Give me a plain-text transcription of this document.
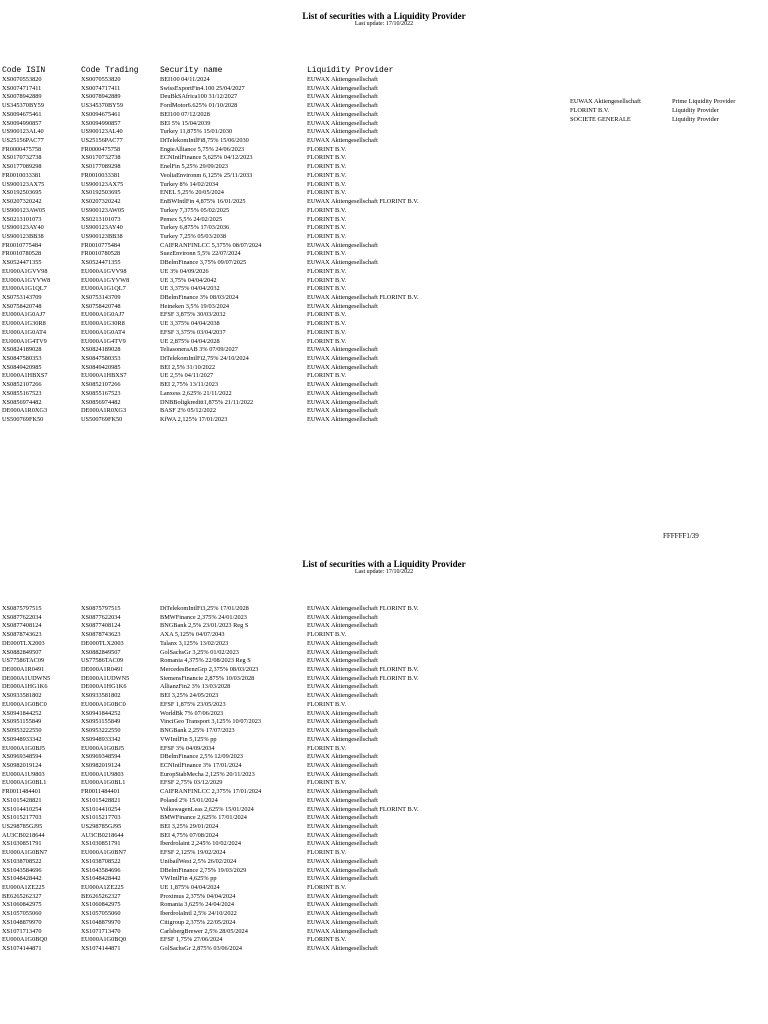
List of securities with a Liquidity Provider
Last update: 17/10/2022
Code ISIN	Code Trading	Security name	Liquidity Provider
XS0070553820	XS0070553820	BEI100 04/11/2024	EUWAX Aktiengesellschaft
XS0074717411	XS0074717411	SwissExportFin4.100 25/04/2027	EUWAX Aktiengesellschaft
XS0078942889	XS0078942889	DeuBkSAfrica100 31/12/2027	EUWAX Aktiengesellschaft
US345370BY59	US345370BY59	FordMotor6.625% 01/10/2028	EUWAX Aktiengesellschaft
XS0094675461	XS0094675461	BEI100 07/12/2028	EUWAX Aktiengesellschaft
XS0094990857	XS0094990857	BEI 5% 15/04/2039	EUWAX Aktiengesellschaft
US900123AL40	US900123AL40	Turkey 11,875% 15/01/2030	EUWAX Aktiengesellschaft
US25156PAC77	US25156PAC77	DtTelekomIntlFi8,75% 15/06/2030	EUWAX Aktiengesellschaft
FR0000475758	FR0000475758	EngieAlliance 5,75% 24/06/2023	FLORINT B.V.
XS0170732738	XS0170732738	ECNIntlFinance 5,625% 04/12/2023	FLORINT B.V.
XS0177089298	XS0177089298	EnelFin 5,25% 29/09/2023	FLORINT B.V.
FR0010033381	FR0010033381	VeoliaEnvironm 6,125% 25/11/2033	FLORINT B.V.
US900123AX75	US900123AX75	Turkey 8% 14/02/2034	FLORINT B.V.
XS0192503695	XS0192503695	ENEL 5,25% 20/05/2024	FLORINT B.V.
XS0207320242	XS0207320242	EnBWIntlFin 4,875% 16/01/2025	EUWAX Aktiengesellschaft FLORINT B.V.
US900123AW05	US900123AW05	Turkey 7,375% 05/02/2025	FLORINT B.V.
XS0213101073	XS0213101073	Pemex 5,5% 24/02/2025	FLORINT B.V.
US900123AY40	US900123AY40	Turkey 6,875% 17/03/2036	FLORINT B.V.
US900123BB38	US900123BB38	Turkey 7,25% 05/03/2038	FLORINT B.V.
FR0010775484	FR0010775484	CAIFRANFINLCC 5,375% 08/07/2024	EUWAX Aktiengesellschaft
FR0010780528	FR0010780528	SuezEnvironn 5,5% 22/07/2024	FLORINT B.V.
XS0524471355	XS0524471355	DBelmFinance 3,75% 09/07/2025	EUWAX Aktiengesellschaft
EU000A1GVV98	EU000A1GVV98	UE 3% 04/09/2026	FLORINT B.V.
EU000A1GYVW8	EU000A1GYVW8	UE 3,75% 04/04/2042	FLORINT B.V.
EU000A1G1QL7	EU000A1G1QL7	UE 3,375% 04/04/2032	FLORINT B.V.
XS0753143709	XS0753143709	DBelmFinance 3% 08/03/2024	EUWAX Aktiengesellschaft FLORINT B.V.
XS0758420748	XS0758420748	Heineken 3,5% 19/03/2024	EUWAX Aktiengesellschaft
EU000A1G0AJ7	EU000A1G0AJ7	EFSF 3,875% 30/03/2032	FLORINT B.V.
EU000A1G30R8	EU000A1G30R8	UE 3,375% 04/04/2038	FLORINT B.V.
EU000A1G0AT4	EU000A1G0AT4	EFSF 3,375% 03/04/2037	FLORINT B.V.
EU000A1G4TV9	EU000A1G4TV9	UE 2,875% 04/04/2028	FLORINT B.V.
XS0824189028	XS0824189028	TeliasoneraAB 3% 07/09/2027	EUWAX Aktiengesellschaft
XS0847580353	XS0847580353	DtTelekomIntlFi2,75% 24/10/2024	EUWAX Aktiengesellschaft
XS0849420985	XS0849420985	BEI 2,5% 31/10/2022	EUWAX Aktiengesellschaft
EU000A1HBXS7	EU000A1HBXS7	UE 2,5% 04/11/2027	FLORINT B.V.
XS0852107266	XS0852107266	BEI 2,75% 13/11/2023	EUWAX Aktiengesellschaft
XS0855167523	XS0855167523	Lanxess 2,625% 21/11/2022	EUWAX Aktiengesellschaft
XS0856974482	XS0856974482	DNBBoligkreditt1,875% 21/11/2022	EUWAX Aktiengesellschaft
DE000A1R0XG3	DE000A1R0XG3	BASF 2% 05/12/2022	EUWAX Aktiengesellschaft
US500769FK50	US500769FK50	KfWA 2,125% 17/01/2023	EUWAX Aktiengesellschaft
EUWAX Aktiengesellschaft	Prime Liquidity Provider
FLORINT B.V.	Liquidity Provider
SOCIETE GENERALE	Liquidity Provider
FFFFFF1/39
List of securities with a Liquidity Provider
Last update: 17/10/2022
XS0875797515	XS0875797515	DtTelekomIntlFi3,25% 17/01/2028	EUWAX Aktiengesellschaft FLORINT B.V.
XS0877622034	XS0877622034	BMWFinance 2,375% 24/01/2023	EUWAX Aktiengesellschaft
XS0877408124	XS0877408124	BNGBank 2,5% 23/01/2023 Reg S	EUWAX Aktiengesellschaft
XS0878743623	XS0878743623	AXA 5,125% 04/07/2043	FLORINT B.V.
DE000TLX2003	DE000TLX2003	Talanx 3,125% 13/02/2023	EUWAX Aktiengesellschaft
XS0882849507	XS0882849507	GolSachsGr 3,25% 01/02/2023	EUWAX Aktiengesellschaft
US77586TAC09	US77586TAC09	Romania 4,375% 22/08/2023 Reg S	EUWAX Aktiengesellschaft
DE000A1R0491	DE000A1R0491	MercedesBenzGrp 2,375% 08/03/2023	EUWAX Aktiengesellschaft FLORINT B.V.
DE000A1UDWN5	DE000A1UDWN5	SiemensFinancie 2,875% 10/03/2028	EUWAX Aktiengesellschaft FLORINT B.V.
DE000A1HG1K6	DE000A1HG1K6	AllianzFin2 3% 13/03/2028	EUWAX Aktiengesellschaft
XS0933581802	XS0933581802	BEI 3,25% 24/05/2023	EUWAX Aktiengesellschaft
EU000A1G0BC0	EU000A1G0BC0	EFSF 1,875% 23/05/2023	FLORINT B.V.
XS0941844252	XS0941844252	WorldBk 7% 07/06/2023	EUWAX Aktiengesellschaft
XS0951155849	XS0951155849	VinciGeo Transport 3,125% 10/07/2023	EUWAX Aktiengesellschaft
XS0953222550	XS0953222550	BNGBank 2,25% 17/07/2023	EUWAX Aktiengesellschaft
XS0948933342	XS0948933342	VWIntlFin 5,125% pp	EUWAX Aktiengesellschaft
EU000A1G0BJ5	EU000A1G0BJ5	EFSF 3% 04/09/2034	FLORINT B.V.
XS0969348594	XS0969348594	DBelmFinance 2,5% 12/09/2023	EUWAX Aktiengesellschaft
XS0982019124	XS0982019124	ECNIntlFinance 3% 17/01/2024	EUWAX Aktiengesellschaft
EU000A1U9803	EU000A1U9803	EuropStabMecha 2,125% 20/11/2023	EUWAX Aktiengesellschaft
EU000A1G0BL1	EU000A1G0BL1	EFSF 2,75% 03/12/2029	FLORINT B.V.
FR0011484401	FR0011484401	CAIFRANFINLCC 2,375% 17/01/2024	EUWAX Aktiengesellschaft
XS1015428821	XS1015428821	Poland 2% 15/01/2024	EUWAX Aktiengesellschaft
XS1014410254	XS1014410254	VolkswagenLeas 2,625% 15/01/2024	EUWAX Aktiengesellschaft FLORINT B.V.
XS1015217703	XS1015217703	BMWFinance 2,625% 17/01/2024	EUWAX Aktiengesellschaft
US298785GJ95	US298785GJ95	BEI 3,25% 29/01/2024	EUWAX Aktiengesellschaft
AU3CB0218644	AU3CB0218644	BEI 4,75% 07/08/2024	EUWAX Aktiengesellschaft
XS1030851791	XS1030851791	Iberdrolaint 2,245% 10/02/2024	EUWAX Aktiengesellschaft
EU000A1G0BN7	EU000A1G0BN7	EFSF 2,125% 19/02/2024	FLORINT B.V.
XS1038708522	XS1038708522	UnibailWest 2,5% 26/02/2024	EUWAX Aktiengesellschaft
XS1043584696	XS1043584696	DBelmFinance 2,75% 19/03/2029	EUWAX Aktiengesellschaft
XS1048428442	XS1048428442	VWIntlFin 4,625% pp	EUWAX Aktiengesellschaft
EU000A1ZE225	EU000A1ZE225	UE 1,875% 04/04/2024	FLORINT B.V.
BE6265262327	BE6265262327	Proximus 2,375% 04/04/2024	EUWAX Aktiengesellschaft
XS1060842975	XS1060842975	Romania 3,625% 24/04/2024	EUWAX Aktiengesellschaft
XS1057055060	XS1057055060	IberdrolaIntl 2,5% 24/10/2022	EUWAX Aktiengesellschaft
XS1048879970	XS1048879970	Citigroup 2,375% 22/05/2024	EUWAX Aktiengesellschaft
XS1071713470	XS1071713470	CarlsbergBrewer 2,5% 28/05/2024	EUWAX Aktiengesellschaft
EU000A1G0BQ0	EU000A1G0BQ0	EFSF 1,75% 27/06/2024	FLORINT B.V.
XS1074144871	XS1074144871	GolSachsGr 2,875% 03/06/2024	EUWAX Aktiengesellschaft
